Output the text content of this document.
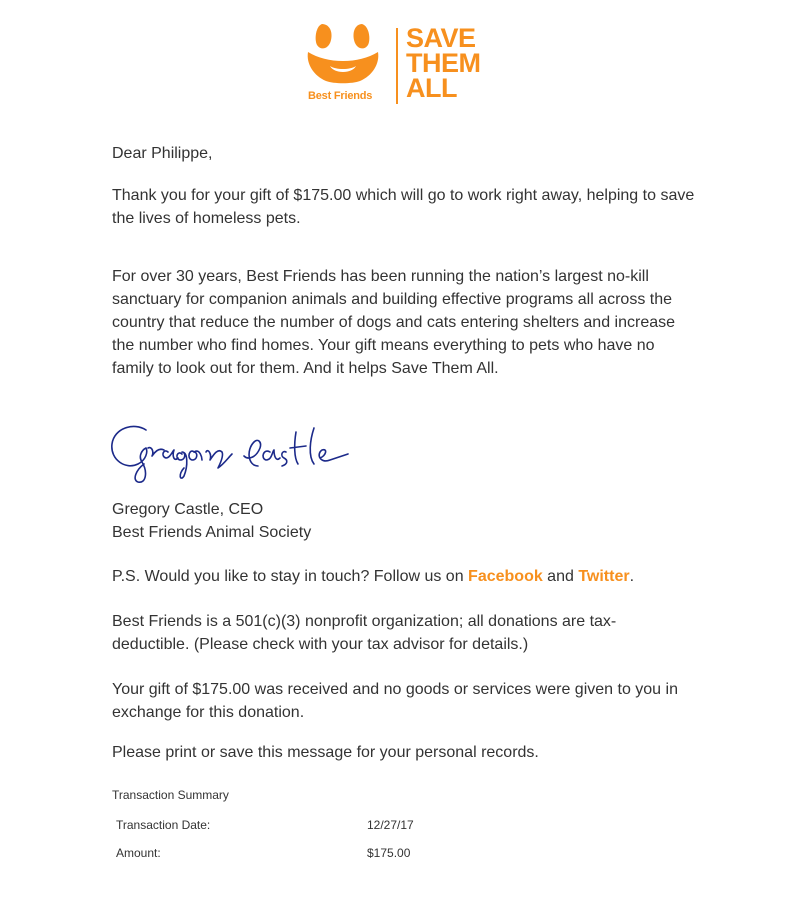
Best Friends
SAVE
THEM
ALL

Dear Philippe,

Thank you for your gift of $175.00 which will go to work right away, helping to save the lives of homeless pets.

For over 30 years, Best Friends has been running the nation’s largest no-kill sanctuary for companion animals and building effective programs all across the country that reduce the number of dogs and cats entering shelters and increase the number who find homes. Your gift means everything to pets who have no family to look out for them. And it helps Save Them All.

Gregory Castle, CEO

Best Friends Animal Society

P.S. Would you like to stay in touch? Follow us on Facebook and Twitter.

Best Friends is a 501(c)(3) nonprofit organization; all donations are tax-deductible. (Please check with your tax advisor for details.)

Your gift of $175.00 was received and no goods or services were given to you in exchange for this donation.

Please print or save this message for your personal records.

Transaction Summary

Transaction Date:	12/27/17
Amount:	$175.00
